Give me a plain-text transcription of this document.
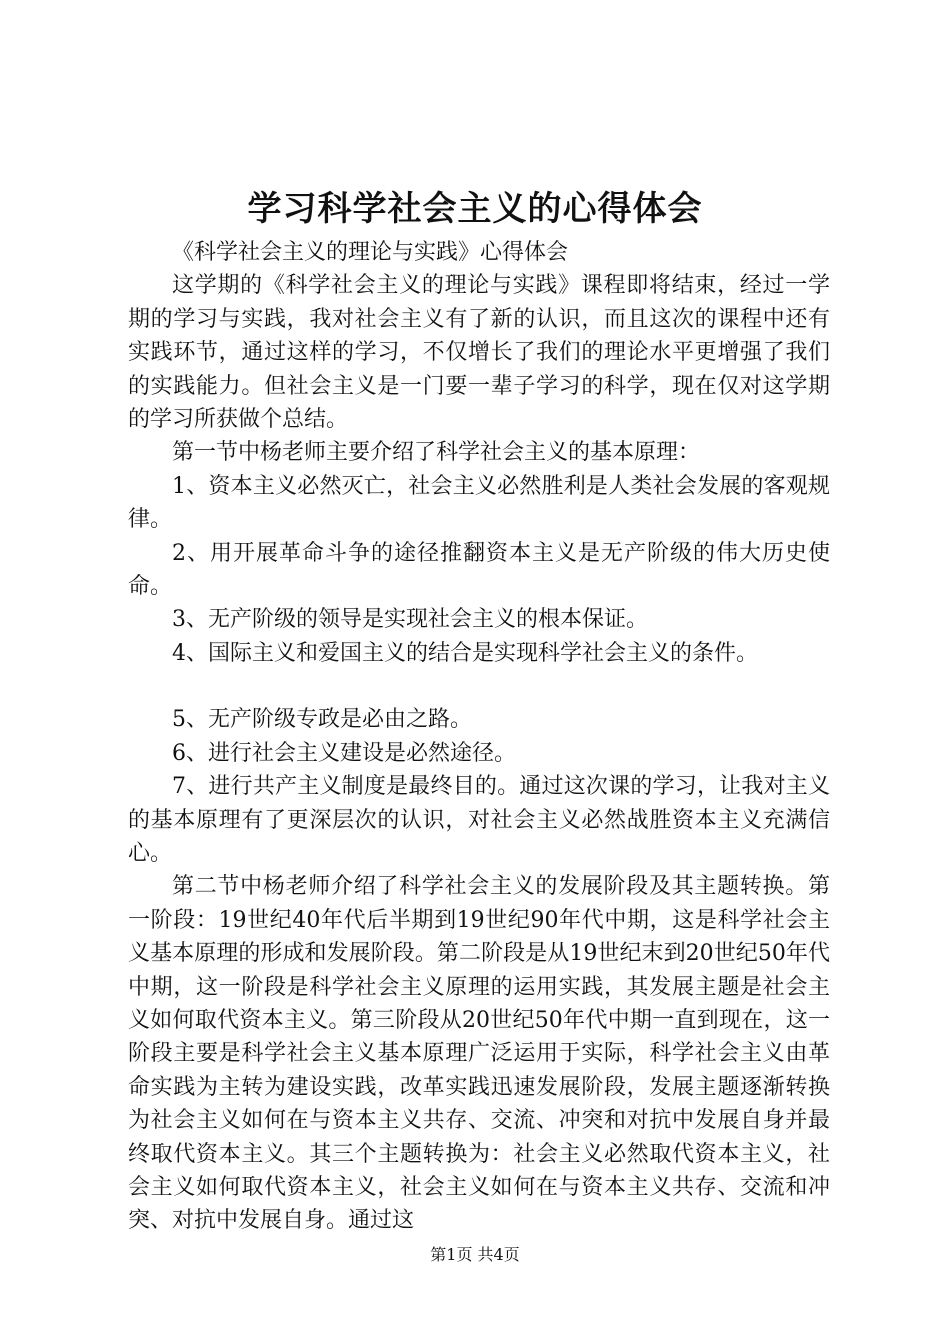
学习科学社会主义的心得体会

《科学社会主义的理论与实践》心得体会

这学期的《科学社会主义的理论与实践》课程即将结束，经过一学期的学习与实践，我对社会主义有了新的认识，而且这次的课程中还有实践环节，通过这样的学习，不仅增长了我们的理论水平更增强了我们的实践能力。但社会主义是一门要一辈子学习的科学，现在仅对这学期的学习所获做个总结。

第一节中杨老师主要介绍了科学社会主义的基本原理：

1、资本主义必然灭亡，社会主义必然胜利是人类社会发展的客观规律。

2、用开展革命斗争的途径推翻资本主义是无产阶级的伟大历史使命。

3、无产阶级的领导是实现社会主义的根本保证。

4、国际主义和爱国主义的结合是实现科学社会主义的条件。

5、无产阶级专政是必由之路。

6、进行社会主义建设是必然途径。

7、进行共产主义制度是最终目的。通过这次课的学习，让我对主义的基本原理有了更深层次的认识，对社会主义必然战胜资本主义充满信心。

第二节中杨老师介绍了科学社会主义的发展阶段及其主题转换。第一阶段：19世纪40年代后半期到19世纪90年代中期，这是科学社会主义基本原理的形成和发展阶段。第二阶段是从19世纪末到20世纪50年代中期，这一阶段是科学社会主义原理的运用实践，其发展主题是社会主义如何取代资本主义。第三阶段从20世纪50年代中期一直到现在，这一阶段主要是科学社会主义基本原理广泛运用于实际，科学社会主义由革命实践为主转为建设实践，改革实践迅速发展阶段，发展主题逐渐转换为社会主义如何在与资本主义共存、交流、冲突和对抗中发展自身并最终取代资本主义。其三个主题转换为：社会主义必然取代资本主义，社会主义如何取代资本主义，社会主义如何在与资本主义共存、交流和冲突、对抗中发展自身。通过这

第1页 共4页
